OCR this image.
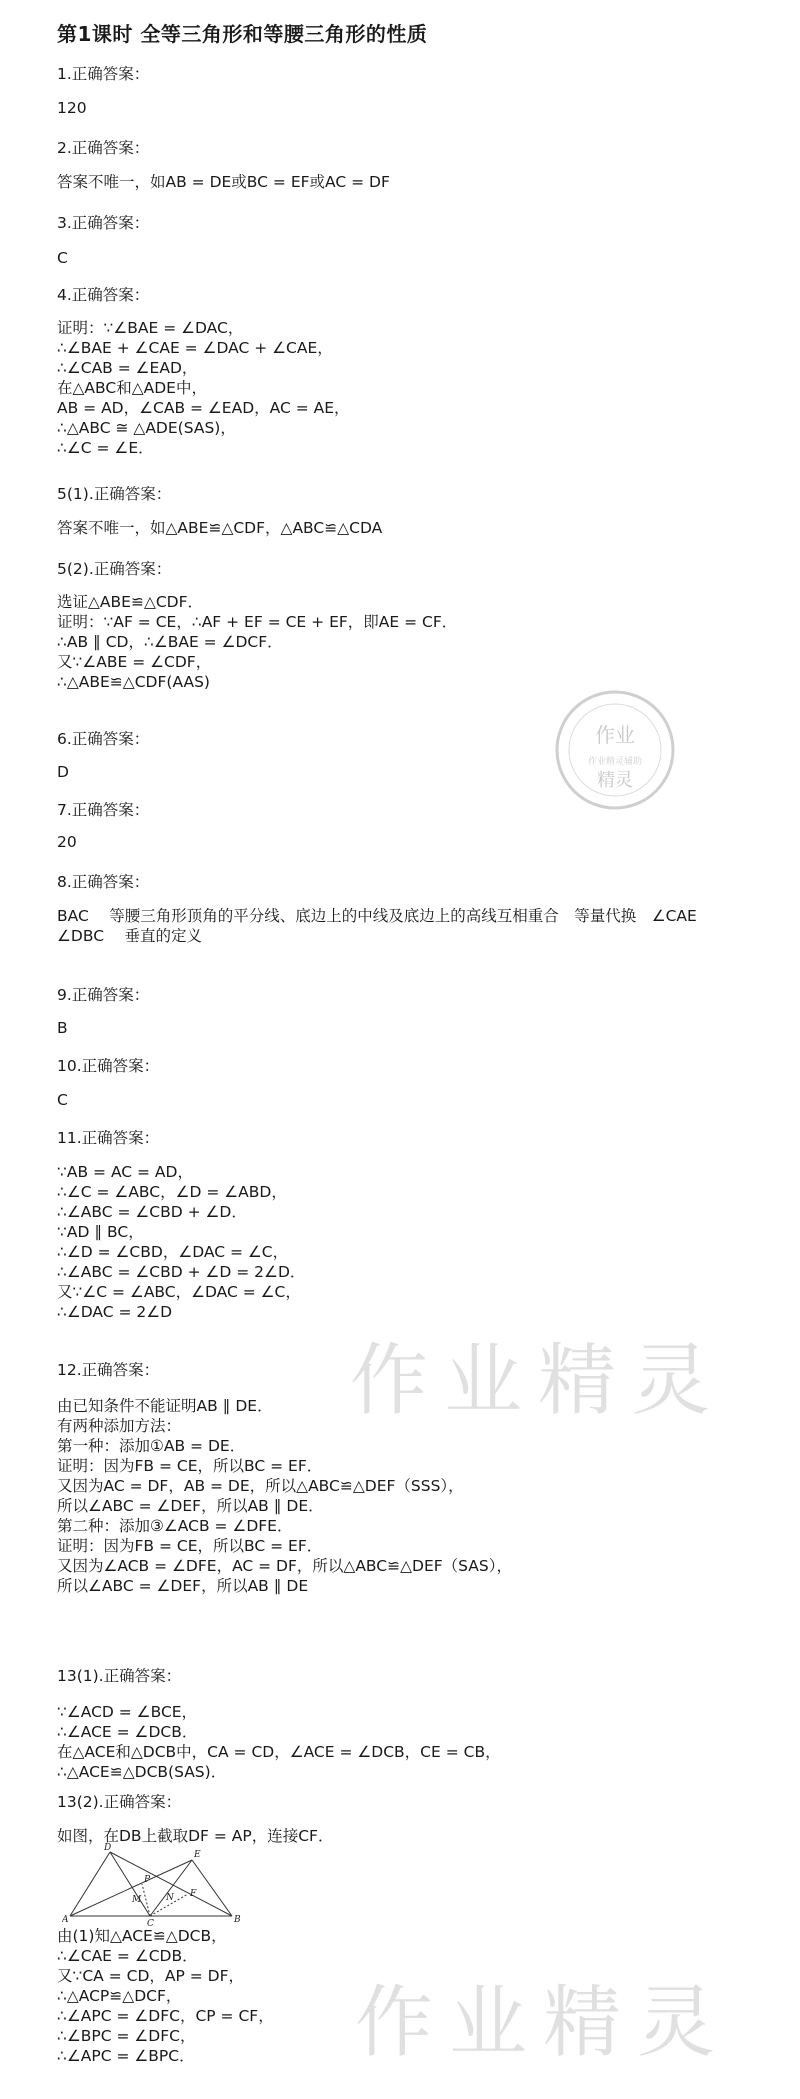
第1课时 全等三角形和等腰三角形的性质
1.正确答案：
120
2.正确答案：
答案不唯一，如AB = DE或BC = EF或AC = DF
3.正确答案：
C
4.正确答案：
证明：∵∠BAE = ∠DAC，
∴∠BAE + ∠CAE = ∠DAC + ∠CAE，
∴∠CAB = ∠EAD，
在△ABC和△ADE中，
AB = AD，∠CAB = ∠EAD，AC = AE，
∴△ABC ≅ △ADE(SAS)，
∴∠C = ∠E．
5(1).正确答案：
答案不唯一，如△ABE≌△CDF，△ABC≌△CDA
5(2).正确答案：
选证△ABE≌△CDF．
证明：∵AF = CE，∴AF + EF = CE + EF，即AE = CF．
∴AB ∥ CD，∴∠BAE = ∠DCF．
又∵∠ABE = ∠CDF，
∴△ABE≌△CDF(AAS)
6.正确答案：
D
7.正确答案：
20
8.正确答案：
BAC　 等腰三角形顶角的平分线、底边上的中线及底边上的高线互相重合　等量代换　∠CAE
∠DBC　 垂直的定义
9.正确答案：
B
10.正确答案：
C
11.正确答案：
∵AB = AC = AD，
∴∠C = ∠ABC，∠D = ∠ABD，
∴∠ABC = ∠CBD + ∠D．
∵AD ∥ BC，
∴∠D = ∠CBD，∠DAC = ∠C，
∴∠ABC = ∠CBD + ∠D = 2∠D．
又∵∠C = ∠ABC，∠DAC = ∠C，
∴∠DAC = 2∠D
12.正确答案：
由已知条件不能证明AB ∥ DE．
有两种添加方法：
第一种：添加①AB = DE．
证明：因为FB = CE，所以BC = EF．
又因为AC = DF，AB = DE，所以△ABC≌△DEF（SSS），
所以∠ABC = ∠DEF，所以AB ∥ DE．
第二种：添加③∠ACB = ∠DFE．
证明：因为FB = CE，所以BC = EF．
又因为∠ACB = ∠DFE，AC = DF，所以△ABC≌△DEF（SAS），
所以∠ABC = ∠DEF，所以AB ∥ DE
13(1).正确答案：
∵∠ACD = ∠BCE，
∴∠ACE = ∠DCB．
在△ACE和△DCB中，CA = CD，∠ACE = ∠DCB，CE = CB，
∴△ACE≌△DCB(SAS)．
13(2).正确答案：
如图，在DB上截取DF = AP，连接CF．
由(1)知△ACE≌△DCB，
∴∠CAE = ∠CDB．
又∵CA = CD，AP = DF，
∴△ACP≌△DCF，
∴∠APC = ∠DFC，CP = CF，
∴∠BPC = ∠DFC，
∴∠APC = ∠BPC．
D
E
P
F
M	N
A	C	B
作业
作业精灵辅助
精灵
作业精灵
作业精灵
